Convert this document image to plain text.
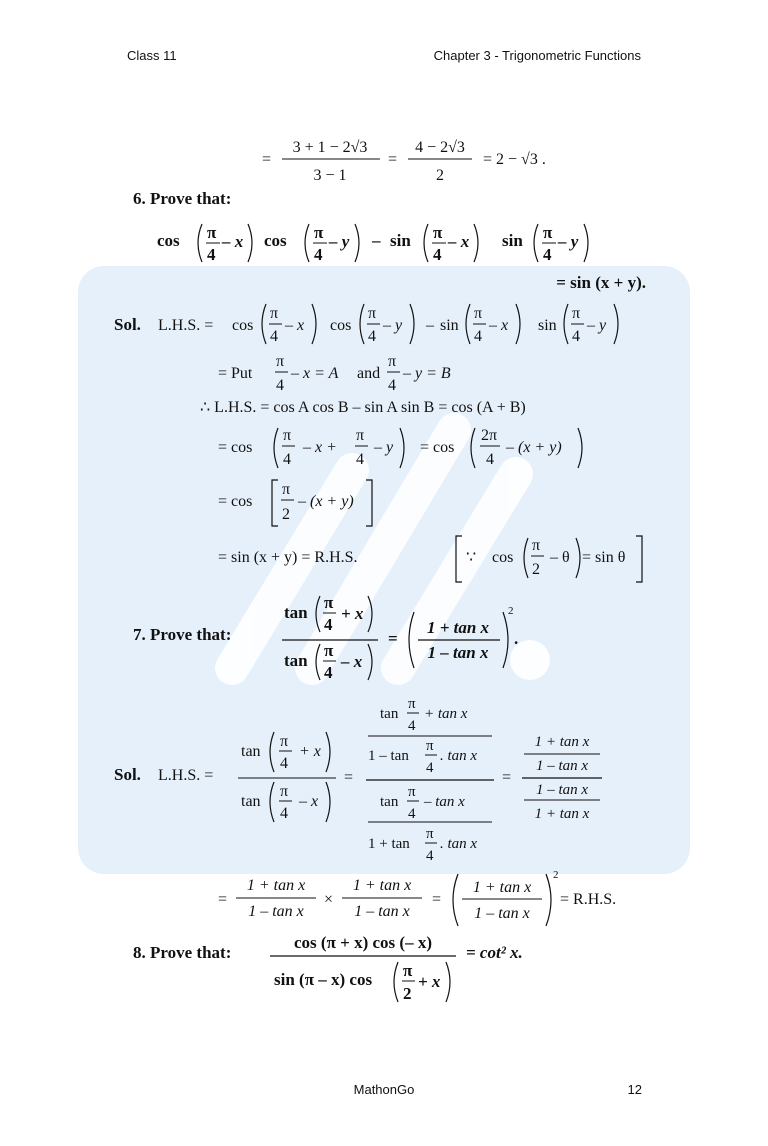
Class 11	Chapter 3 - Trigonometric Functions
=
3 + 1 − 2√3
3 − 1
=
4 − 2√3
2
= 2 − √3 .
6. Prove that:
cos π
4
– x cos π
4
– y – sin π
4
– x sin π
4
– y
= sin (x + y).
Sol. L.H.S. = cos
π
4
– x cos
π
4
– y – sin
π
4
– x sin
π
4
– y
= Put
π
4
– x = A and
π
4
– y = B
∴ L.H.S. = cos A cos B – sin A sin B = cos (A + B)
= cos
π
4
– x +
π
4
– y = cos
2π
4
– (x + y)
= cos
π
2
– (x + y)
= sin (x + y) = R.H.S.	∵ cos
π
2
– θ = sin θ
7. Prove that:
tan
π
4
+ x
tan
π
4
– x
=
1 + tan x
1 – tan x
2
.
Sol. L.H.S. =
tan
π
4
+ x
tan
π
4
– x
=
tan
π
4
+ tan x
1 – tan
π
4
. tan x
tan
π
4
– tan x
1 + tan
π
4
. tan x
=
1 + tan x
1 – tan x
1 – tan x
1 + tan x
=
1 + tan x
1 – tan x
×
1 + tan x
1 – tan x
=
1 + tan x
1 – tan x
2
= R.H.S.
8. Prove that:
cos (π + x) cos (– x)
sin (π – x) cos π
2
+ x
= cot² x.
MathonGo	12
